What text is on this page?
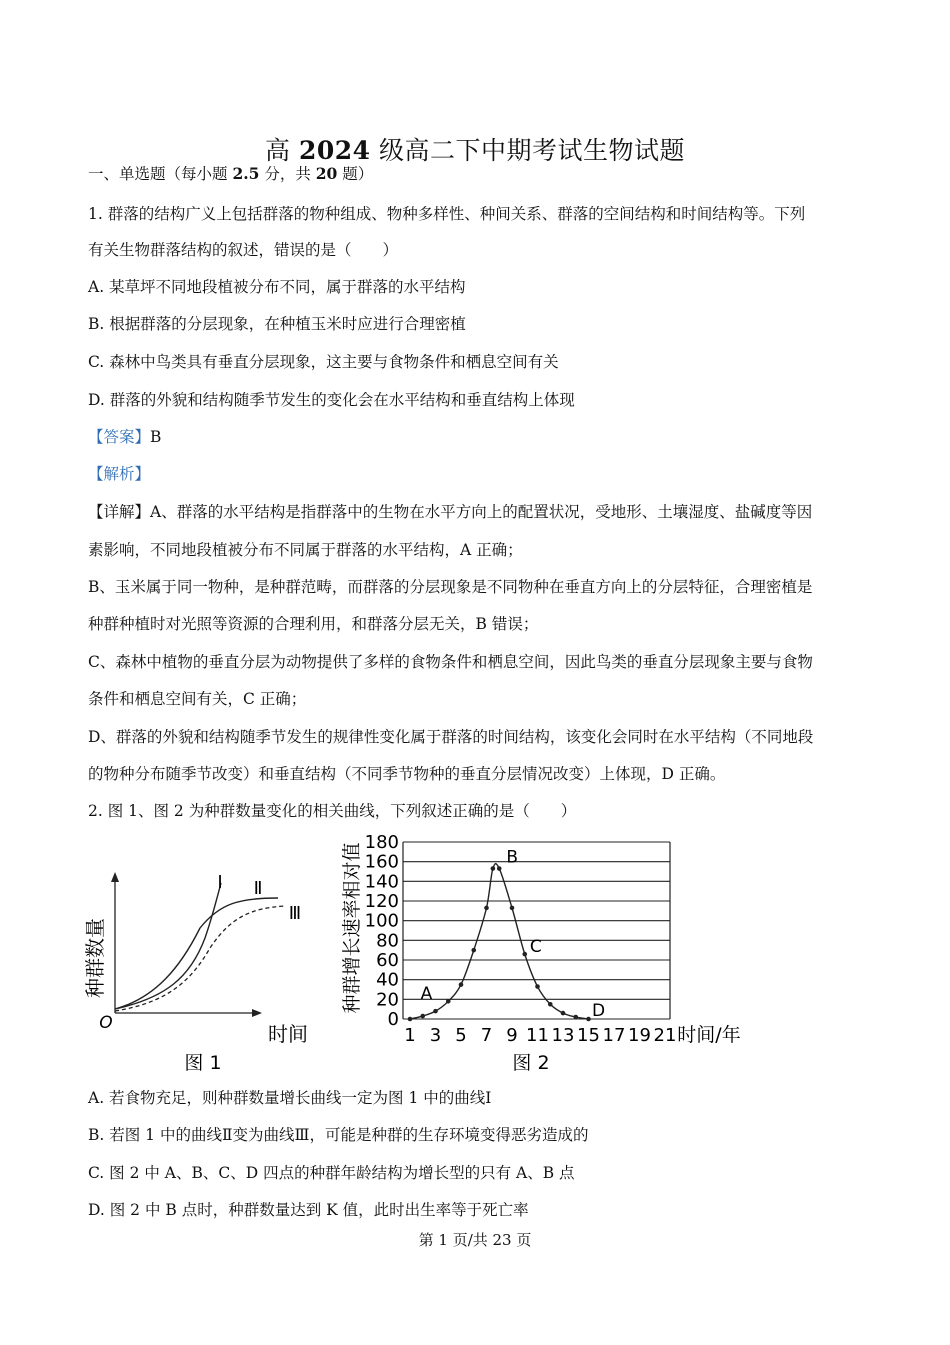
高 2024 级高二下中期考试生物试题
一、单选题（每小题 2.5 分，共 20 题）
1. 群落的结构广义上包括群落的物种组成、物种多样性、种间关系、群落的空间结构和时间结构等。下列
有关生物群落结构的叙述，错误的是（　　）
A. 某草坪不同地段植被分布不同，属于群落的水平结构
B. 根据群落的分层现象，在种植玉米时应进行合理密植
C. 森林中鸟类具有垂直分层现象，这主要与食物条件和栖息空间有关
D. 群落的外貌和结构随季节发生的变化会在水平结构和垂直结构上体现
【答案】B
【解析】
【详解】A、群落的水平结构是指群落中的生物在水平方向上的配置状况，受地形、土壤湿度、盐碱度等因
素影响，不同地段植被分布不同属于群落的水平结构，A 正确；
B、玉米属于同一物种，是种群范畴，而群落的分层现象是不同物种在垂直方向上的分层特征，合理密植是
种群种植时对光照等资源的合理利用，和群落分层无关，B 错误；
C、森林中植物的垂直分层为动物提供了多样的食物条件和栖息空间，因此鸟类的垂直分层现象主要与食物
条件和栖息空间有关，C 正确；
D、群落的外貌和结构随季节发生的规律性变化属于群落的时间结构，该变化会同时在水平结构（不同地段
的物种分布随季节改变）和垂直结构（不同季节物种的垂直分层情况改变）上体现，D 正确。
2. 图 1、图 2 为种群数量变化的相关曲线，下列叙述正确的是（　　）
种群数量
时间
O
Ⅰ Ⅱ
Ⅲ
图 1
种群增长速率相对值
时间/年
图 2
0
20
40
60
80
100
120
140
160
180
1 3 5 7 9 11 13 15 17 19 21
A
B
C
D
A. 若食物充足，则种群数量增长曲线一定为图 1 中的曲线Ⅰ
B. 若图 1 中的曲线Ⅱ变为曲线Ⅲ，可能是种群的生存环境变得恶劣造成的
C. 图 2 中 A、B、C、D 四点的种群年龄结构为增长型的只有 A、B 点
D. 图 2 中 B 点时，种群数量达到 K 值，此时出生率等于死亡率
第 1 页/共 23 页
